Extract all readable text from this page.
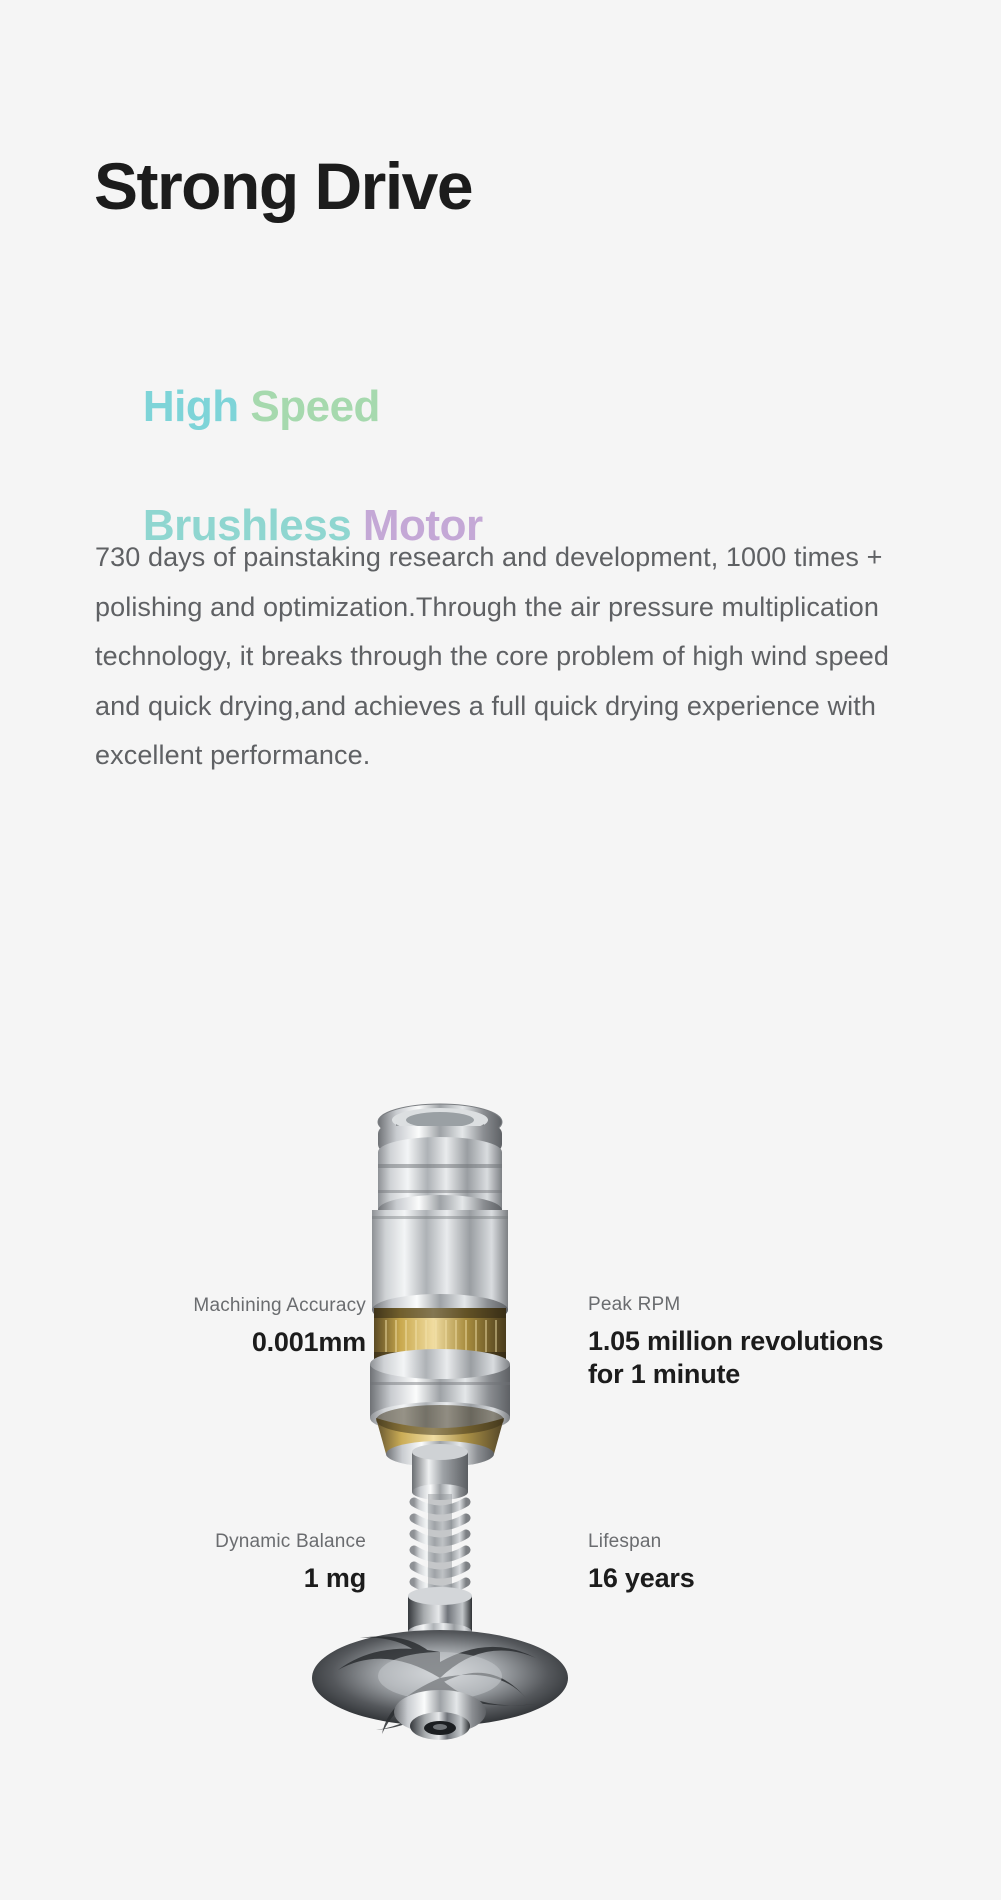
Strong Drive

High Speed

Brushless Motor

730 days of painstaking research and development, 1000 times + polishing and optimization.Through the air pressure multiplication technology, it breaks through the core problem of high wind speed and quick drying,and achieves a full quick drying experience with excellent performance.

Machining Accuracy
0.001mm
Peak RPM
1.05 million revolutions for 1 minute
Dynamic Balance
1 mg
Lifespan
16 years
